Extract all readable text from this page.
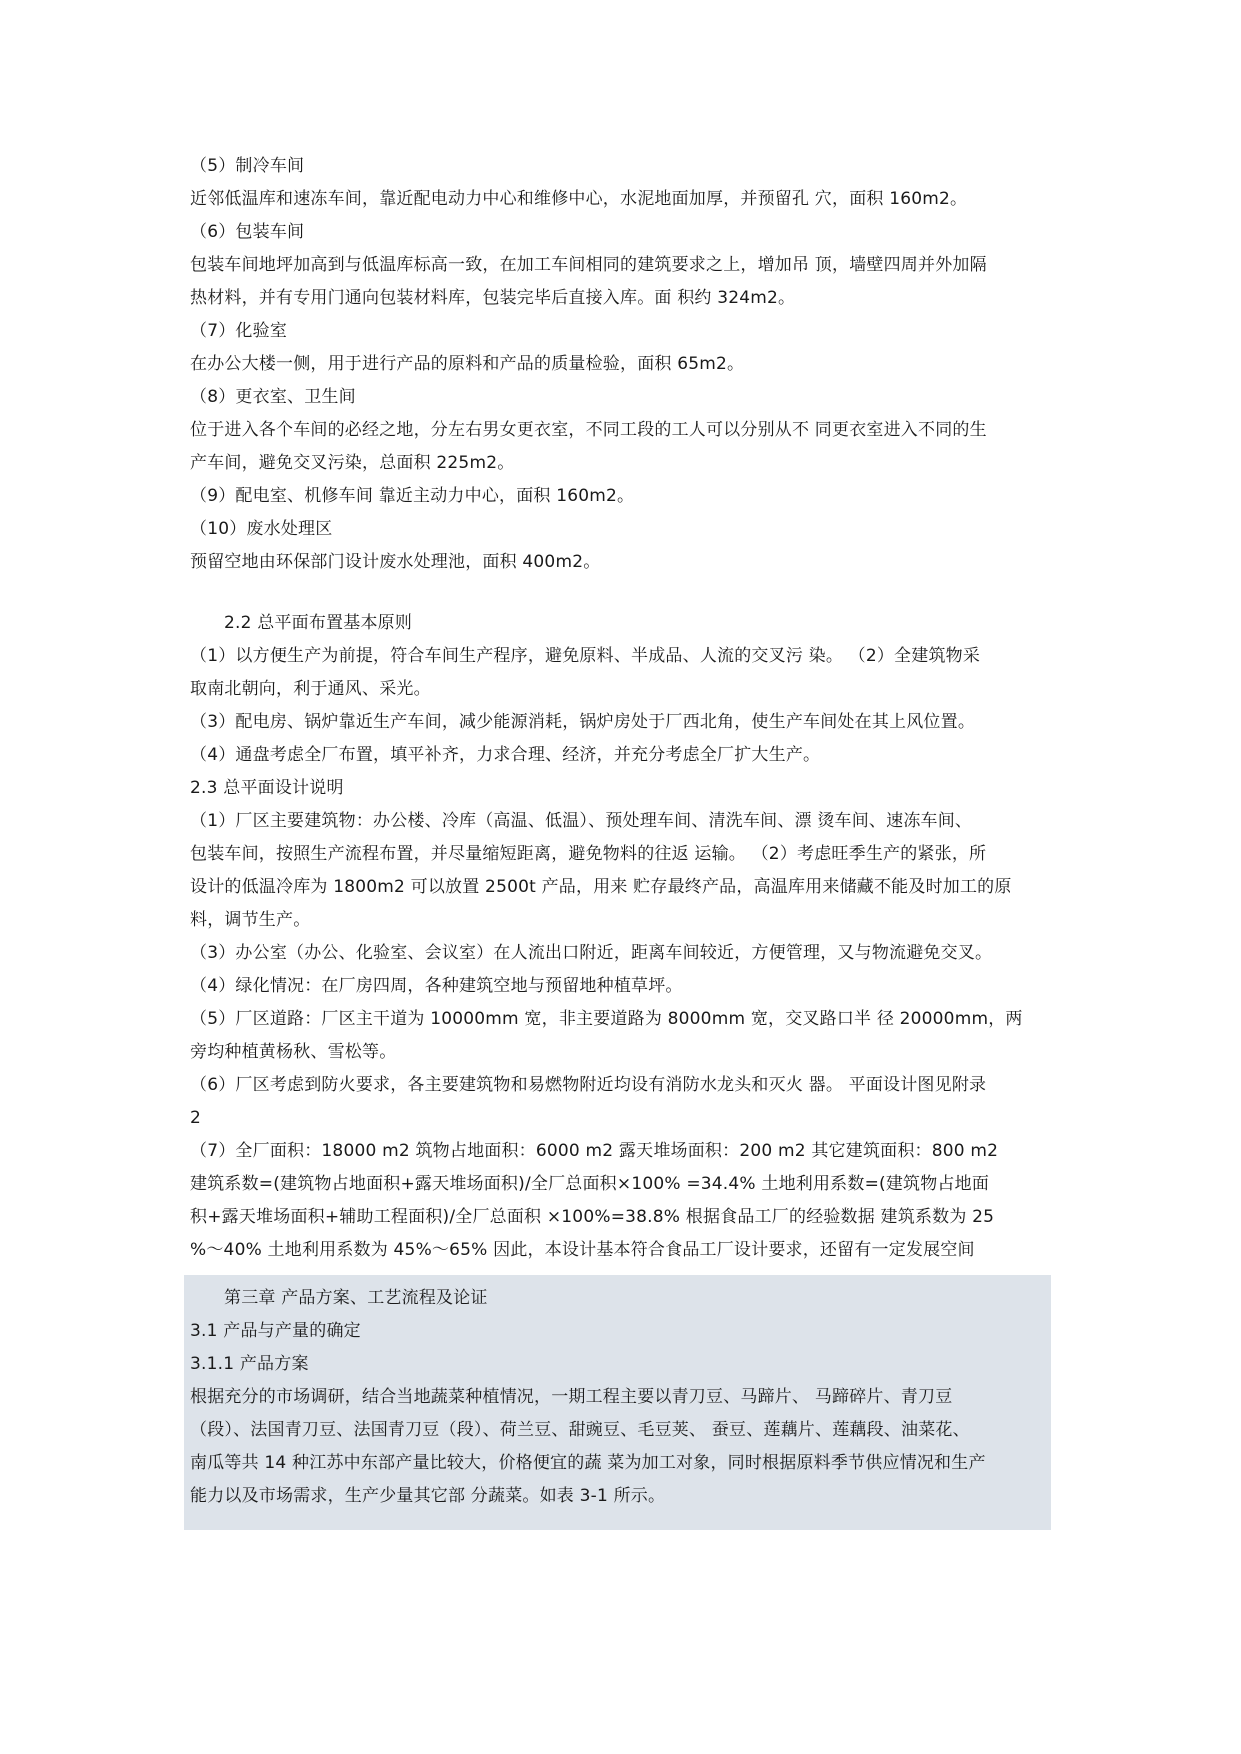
（5）制冷车间
近邻低温库和速冻车间，靠近配电动力中心和维修中心，水泥地面加厚，并预留孔 穴，面积 160m2。
（6）包装车间
包装车间地坪加高到与低温库标高一致，在加工车间相同的建筑要求之上，增加吊 顶，墙壁四周并外加隔
热材料，并有专用门通向包装材料库，包装完毕后直接入库。面 积约 324m2。
在办公大楼一侧，用于进行产品的原料和产品的质量检验，面积 65m2。
（7）化验室
（8）更衣室、卫生间
位于进入各个车间的必经之地，分左右男女更衣室，不同工段的工人可以分别从不 同更衣室进入不同的生
产车间，避免交叉污染，总面积 225m2。
（9）配电室、机修车间 靠近主动力中心，面积 160m2。
（10）废水处理区
预留空地由环保部门设计废水处理池，面积 400m2。
2.2 总平面布置基本原则
（1）以方便生产为前提，符合车间生产程序，避免原料、半成品、人流的交叉污 染。 （2）全建筑物采
取南北朝向，利于通风、采光。
（3）配电房、锅炉靠近生产车间，减少能源消耗，锅炉房处于厂西北角，使生产车间处在其上风位置。
（4）通盘考虑全厂布置，填平补齐，力求合理、经济，并充分考虑全厂扩大生产。
2.3 总平面设计说明
（1）厂区主要建筑物：办公楼、冷库（高温、低温）、预处理车间、清洗车间、漂 烫车间、速冻车间、
包装车间，按照生产流程布置，并尽量缩短距离，避免物料的往返 运输。 （2）考虑旺季生产的紧张，所
设计的低温冷库为 1800m2 可以放置 2500t 产品，用来 贮存最终产品，高温库用来储藏不能及时加工的原
料，调节生产。
（3）办公室（办公、化验室、会议室）在人流出口附近，距离车间较近，方便管理，又与物流避免交叉。
（4）绿化情况：在厂房四周，各种建筑空地与预留地种植草坪。
（5）厂区道路：厂区主干道为 10000mm 宽，非主要道路为 8000mm 宽，交叉路口半 径 20000mm，两
旁均种植黄杨秋、雪松等。
（6）厂区考虑到防火要求，各主要建筑物和易燃物附近均设有消防水龙头和灭火 器。 平面设计图见附录
2
（7）全厂面积：18000 m2 筑物占地面积：6000 m2 露天堆场面积：200 m2 其它建筑面积：800 m2
建筑系数=(建筑物占地面积+露天堆场面积)/全厂总面积×100% =34.4% 土地利用系数=(建筑物占地面
积+露天堆场面积+辅助工程面积)/全厂总面积 ×100%=38.8% 根据食品工厂的经验数据 建筑系数为 25
%～40% 土地利用系数为 45%～65% 因此，本设计基本符合食品工厂设计要求，还留有一定发展空间
第三章 产品方案、工艺流程及论证
3.1 产品与产量的确定
3.1.1 产品方案
根据充分的市场调研，结合当地蔬菜种植情况，一期工程主要以青刀豆、马蹄片、 马蹄碎片、青刀豆
（段）、法国青刀豆、法国青刀豆（段）、荷兰豆、甜豌豆、毛豆荚、 蚕豆、莲藕片、莲藕段、油菜花、
南瓜等共 14 种江苏中东部产量比较大，价格便宜的蔬 菜为加工对象，同时根据原料季节供应情况和生产
能力以及市场需求，生产少量其它部 分蔬菜。如表 3-1 所示。
